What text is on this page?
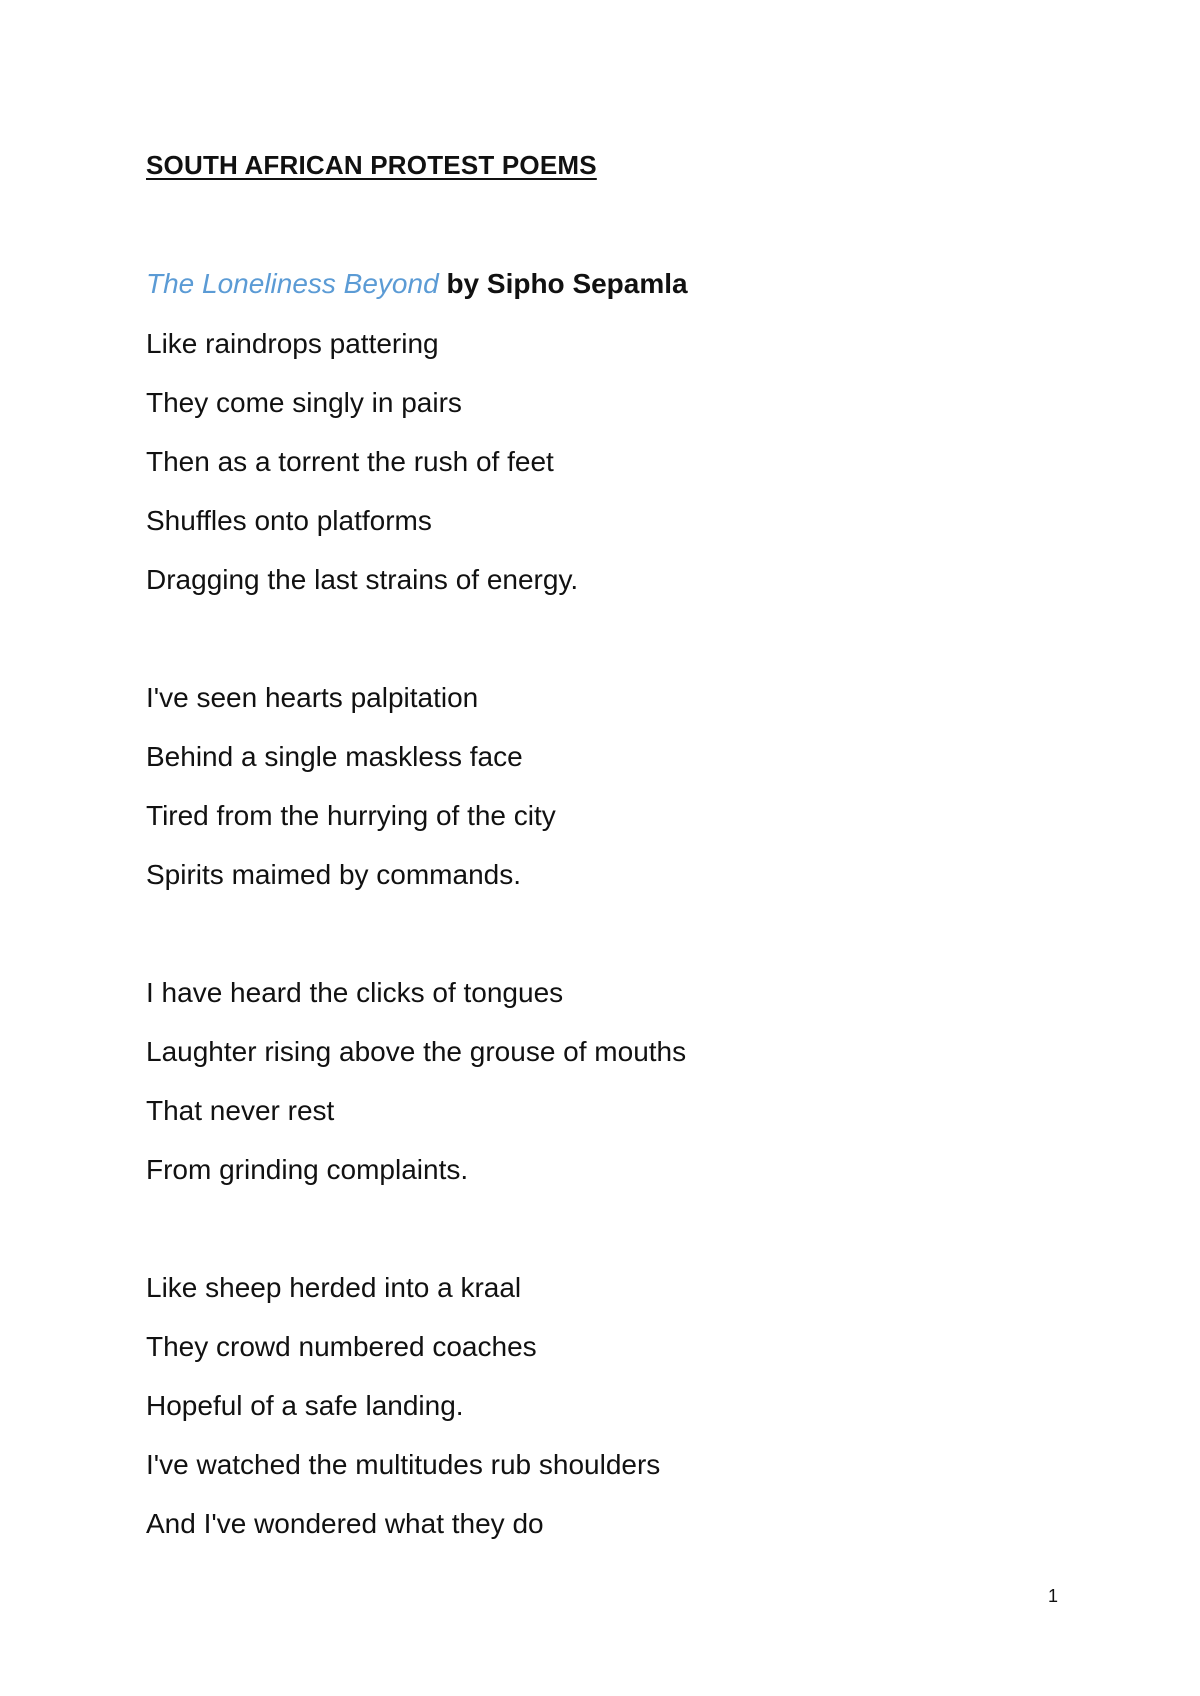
SOUTH AFRICAN PROTEST POEMS
The Loneliness Beyond by Sipho Sepamla
Like raindrops pattering
They come singly in pairs
Then as a torrent the rush of feet
Shuffles onto platforms
Dragging the last strains of energy.
I've seen hearts palpitation
Behind a single maskless face
Tired from the hurrying of the city
Spirits maimed by commands.
I have heard the clicks of tongues
Laughter rising above the grouse of mouths
That never rest
From grinding complaints.
Like sheep herded into a kraal
They crowd numbered coaches
Hopeful of a safe landing.
I've watched the multitudes rub shoulders
And I've wondered what they do
1
